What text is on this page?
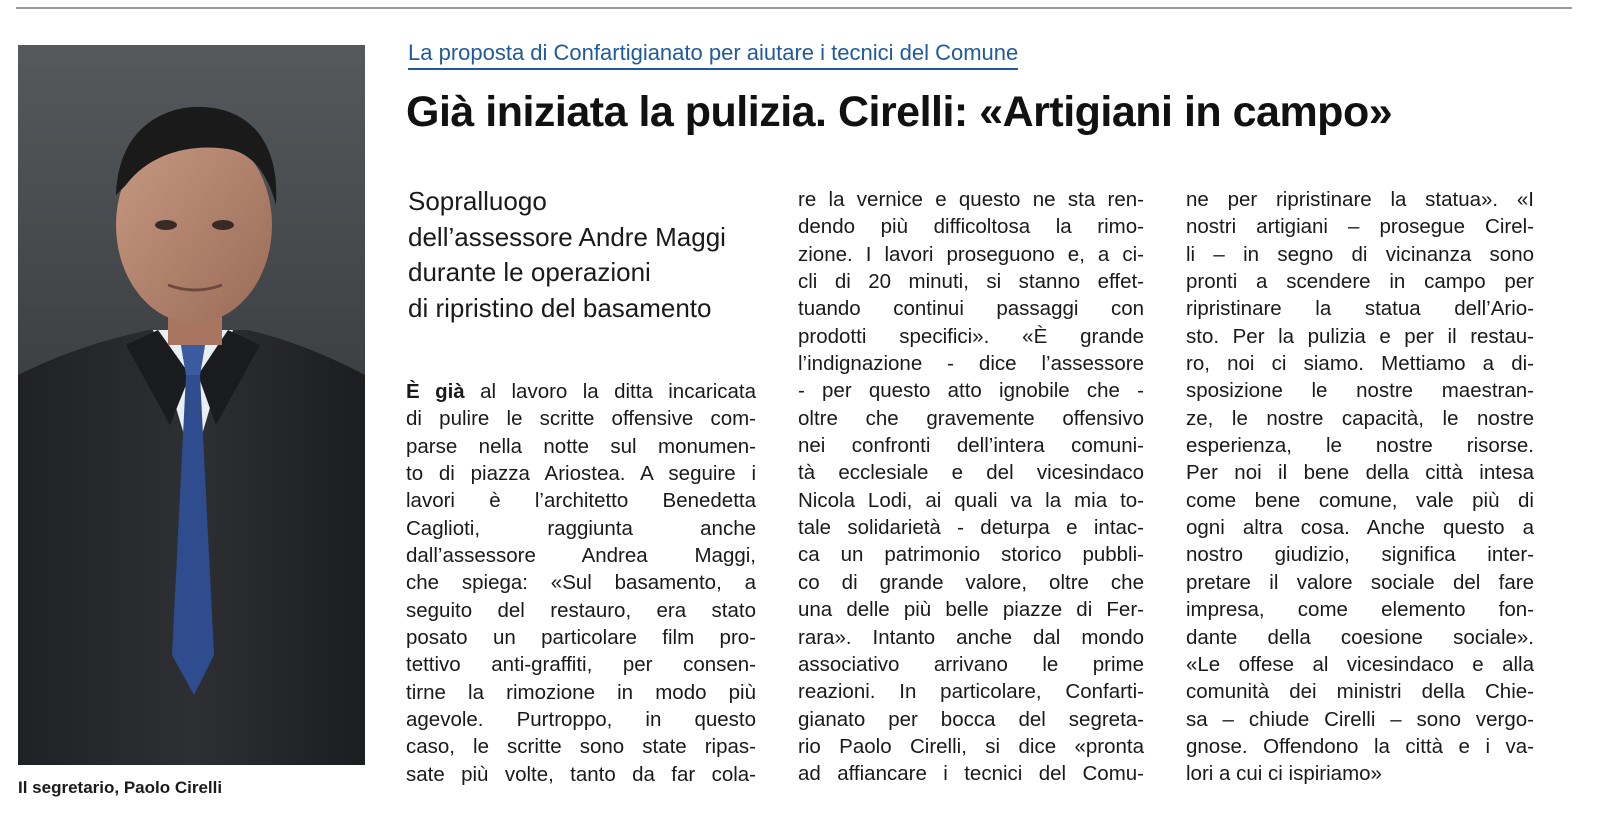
Il segretario, Paolo Cirelli
La proposta di Confartigianato per aiutare i tecnici del Comune
Già iniziata la pulizia. Cirelli: «Artigiani in campo»
Sopralluogo
dell’assessore Andre Maggi
durante le operazioni
di ripristino del basamento
È già al lavoro la ditta incaricata
di pulire le scritte offensive com-
parse nella notte sul monumen-
to di piazza Ariostea. A seguire i
lavori è l’architetto Benedetta
Caglioti, raggiunta anche
dall’assessore Andrea Maggi,
che spiega: «Sul basamento, a
seguito del restauro, era stato
posato un particolare film pro-
tettivo anti-graffiti, per consen-
tirne la rimozione in modo più
agevole. Purtroppo, in questo
caso, le scritte sono state ripas-
sate più volte, tanto da far cola-
re la vernice e questo ne sta ren-
dendo più difficoltosa la rimo-
zione. I lavori proseguono e, a ci-
cli di 20 minuti, si stanno effet-
tuando continui passaggi con
prodotti specifici». «È grande
l’indignazione - dice l’assessore
- per questo atto ignobile che -
oltre che gravemente offensivo
nei confronti dell’intera comuni-
tà ecclesiale e del vicesindaco
Nicola Lodi, ai quali va la mia to-
tale solidarietà - deturpa e intac-
ca un patrimonio storico pubbli-
co di grande valore, oltre che
una delle più belle piazze di Fer-
rara». Intanto anche dal mondo
associativo arrivano le prime
reazioni. In particolare, Confarti-
gianato per bocca del segreta-
rio Paolo Cirelli, si dice «pronta
ad affiancare i tecnici del Comu-
ne per ripristinare la statua». «I
nostri artigiani – prosegue Cirel-
li – in segno di vicinanza sono
pronti a scendere in campo per
ripristinare la statua dell’Ario-
sto. Per la pulizia e per il restau-
ro, noi ci siamo. Mettiamo a di-
sposizione le nostre maestran-
ze, le nostre capacità, le nostre
esperienza, le nostre risorse.
Per noi il bene della città intesa
come bene comune, vale più di
ogni altra cosa. Anche questo a
nostro giudizio, significa inter-
pretare il valore sociale del fare
impresa, come elemento fon-
dante della coesione sociale».
«Le offese al vicesindaco e alla
comunità dei ministri della Chie-
sa – chiude Cirelli – sono vergo-
gnose. Offendono la città e i va-
lori a cui ci ispiriamo»
